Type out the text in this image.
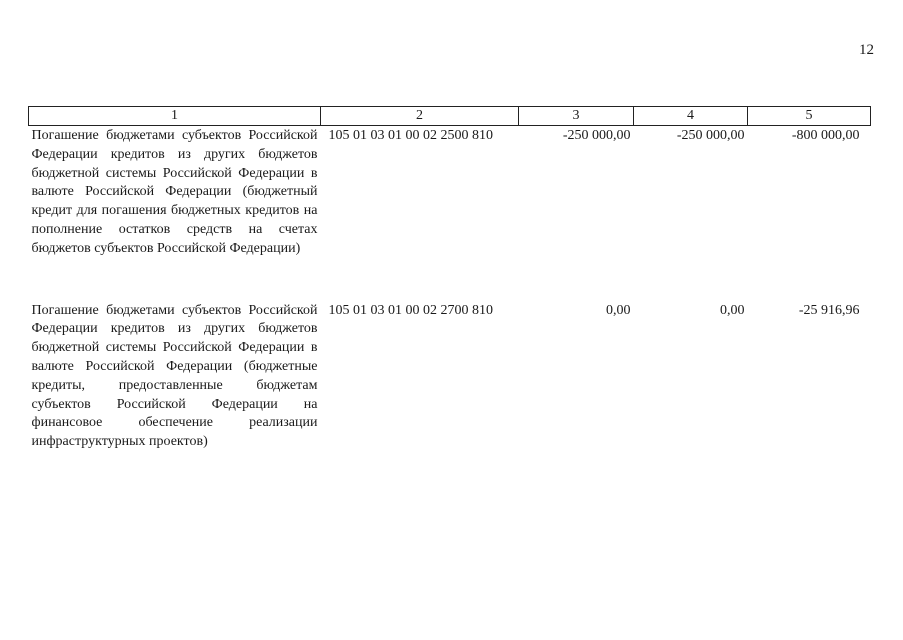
12
1	2	3	4	5
Погашение бюджетами субъектов Российской Федерации кредитов из других бюджетов бюджетной системы Российской Федерации в валюте Российской Федерации (бюджетный кредит для погашения бюджетных кредитов на пополнение остатков средств на счетах бюджетов субъектов Российской Федерации)	105 01 03 01 00 02 2500 810	-250 000,00	-250 000,00	-800 000,00
Погашение бюджетами субъектов Российской Федерации кредитов из других бюджетов бюджетной системы Российской Федерации в валюте Российской Федерации (бюджетные кредиты, предоставленные бюджетам субъектов Российской Федерации на финансовое обеспечение реализации инфраструктурных проектов)	105 01 03 01 00 02 2700 810	0,00	0,00	-25 916,96
